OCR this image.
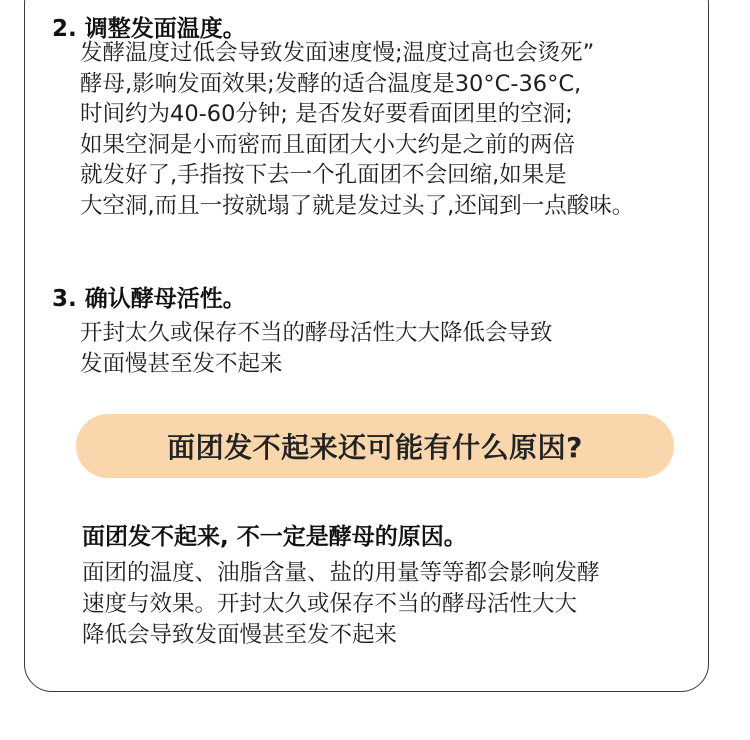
2. 调整发面温度。
发酵温度过低会导致发面速度慢;温度过高也会烫死”
酵母,影响发面效果;发酵的适合温度是30°C-36°C,
时间约为40-60分钟; 是否发好要看面团里的空洞;
如果空洞是小而密而且面团大小大约是之前的两倍
就发好了,手指按下去一个孔面团不会回缩,如果是
大空洞,而且一按就塌了就是发过头了,还闻到一点酸味。
3. 确认酵母活性。
开封太久或保存不当的酵母活性大大降低会导致
发面慢甚至发不起来
面团发不起来还可能有什么原因?
面团发不起来, 不一定是酵母的原因。
面团的温度、油脂含量、盐的用量等等都会影响发酵
速度与效果。开封太久或保存不当的酵母活性大大
降低会导致发面慢甚至发不起来
